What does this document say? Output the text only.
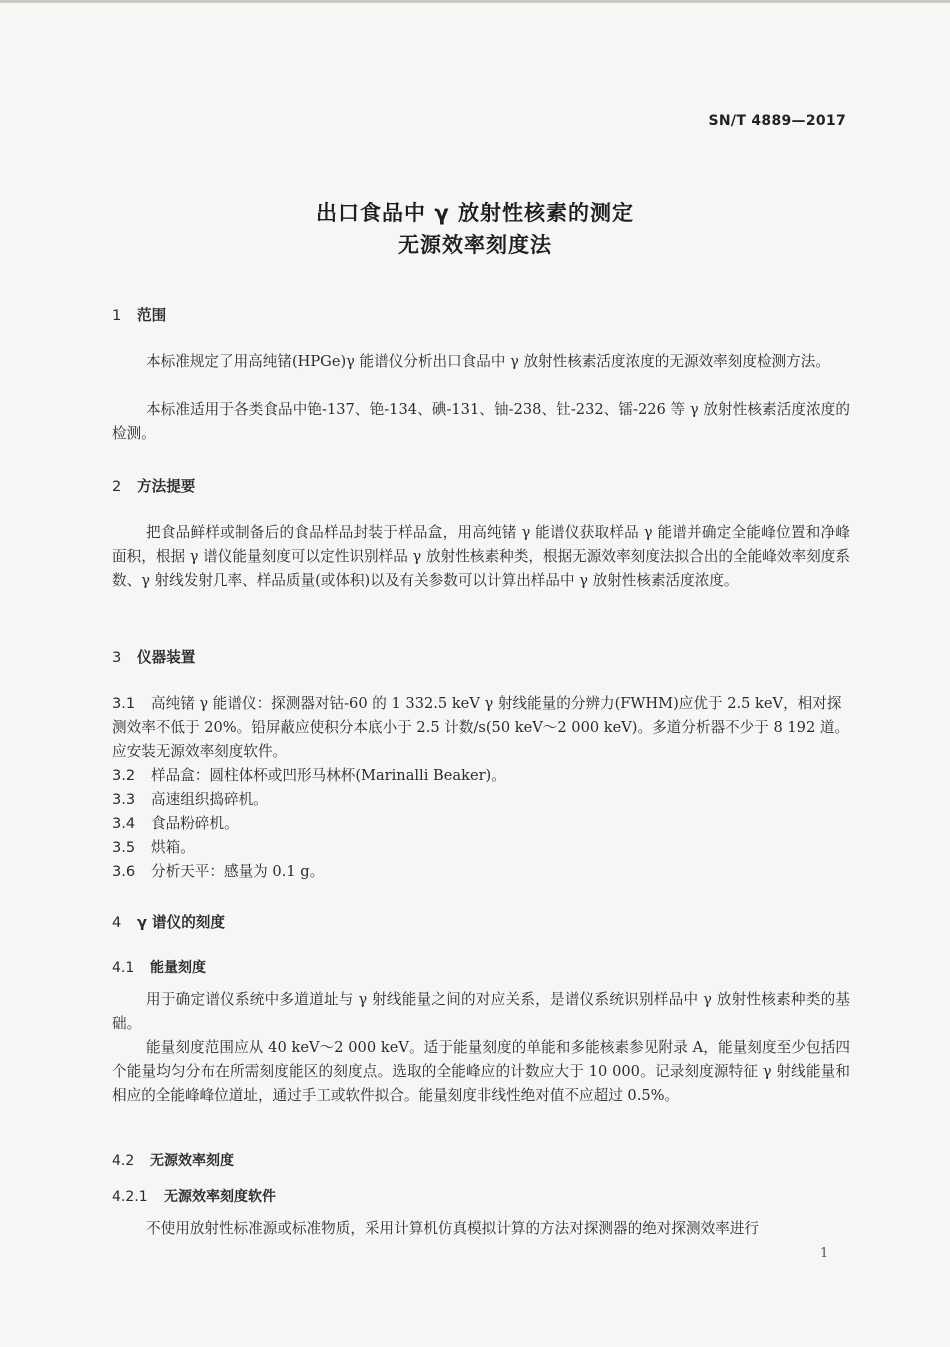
SN/T 4889—2017
出口食品中 γ 放射性核素的测定
无源效率刻度法
1 范围
本标准规定了用高纯锗(HPGe)γ 能谱仪分析出口食品中 γ 放射性核素活度浓度的无源效率刻度检测方法。
本标准适用于各类食品中铯-137、铯-134、碘-131、铀-238、钍-232、镭-226 等 γ 放射性核素活度浓度的检测。
2 方法提要
把食品鲜样或制备后的食品样品封装于样品盒，用高纯锗 γ 能谱仪获取样品 γ 能谱并确定全能峰位置和净峰面积，根据 γ 谱仪能量刻度可以定性识别样品 γ 放射性核素种类，根据无源效率刻度法拟合出的全能峰效率刻度系数、γ 射线发射几率、样品质量(或体积)以及有关参数可以计算出样品中 γ 放射性核素活度浓度。
3 仪器装置
3.1 高纯锗 γ 能谱仪：探测器对钴-60 的 1 332.5 keV γ 射线能量的分辨力(FWHM)应优于 2.5 keV，相对探测效率不低于 20%。铅屏蔽应使积分本底小于 2.5 计数/s(50 keV～2 000 keV)。多道分析器不少于 8 192 道。应安装无源效率刻度软件。
3.2 样品盒：圆柱体杯或凹形马林杯(Marinalli Beaker)。
3.3 高速组织捣碎机。
3.4 食品粉碎机。
3.5 烘箱。
3.6 分析天平：感量为 0.1 g。
4 γ 谱仪的刻度
4.1 能量刻度
用于确定谱仪系统中多道道址与 γ 射线能量之间的对应关系，是谱仪系统识别样品中 γ 放射性核素种类的基础。
能量刻度范围应从 40 keV～2 000 keV。适于能量刻度的单能和多能核素参见附录 A，能量刻度至少包括四个能量均匀分布在所需刻度能区的刻度点。选取的全能峰应的计数应大于 10 000。记录刻度源特征 γ 射线能量和相应的全能峰峰位道址，通过手工或软件拟合。能量刻度非线性绝对值不应超过 0.5%。
4.2 无源效率刻度
4.2.1 无源效率刻度软件
不使用放射性标准源或标准物质，采用计算机仿真模拟计算的方法对探测器的绝对探测效率进行
1
